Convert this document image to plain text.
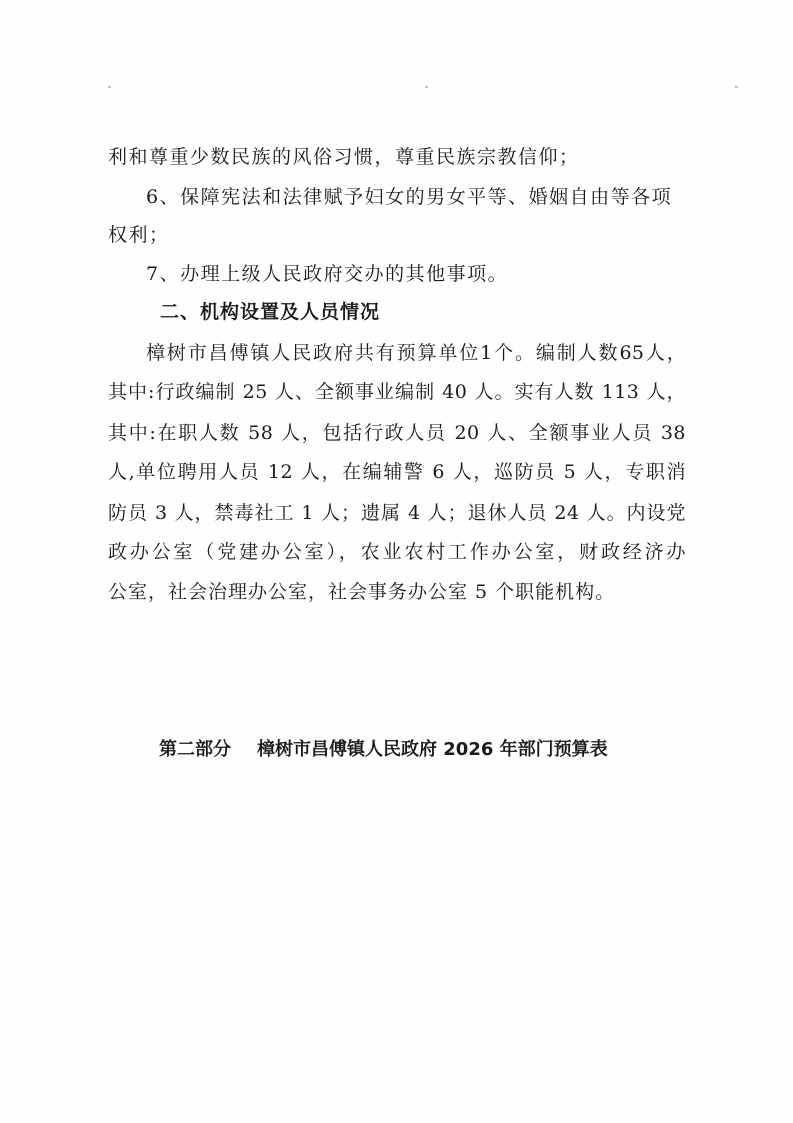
利和尊重少数民族的风俗习惯，尊重民族宗教信仰；
6、保障宪法和法律赋予妇女的男女平等、婚姻自由等各项
权利；
7、办理上级人民政府交办的其他事项。
二、机构设置及人员情况
樟树市昌傅镇人民政府共有预算单位1个。编制人数65人，
其中:行政编制 25 人、全额事业编制 40 人。实有人数 113 人，
其中:在职人数 58 人，包括行政人员 20 人、全额事业人员 38
人,单位聘用人员 12 人，在编辅警 6 人，巡防员 5 人，专职消
防员 3 人，禁毒社工 1 人；遗属 4 人；退休人员 24 人。内设党
政办公室（党建办公室），农业农村工作办公室，财政经济办
公室，社会治理办公室，社会事务办公室 5 个职能机构。
第二部分 樟树市昌傅镇人民政府 2026 年部门预算表
